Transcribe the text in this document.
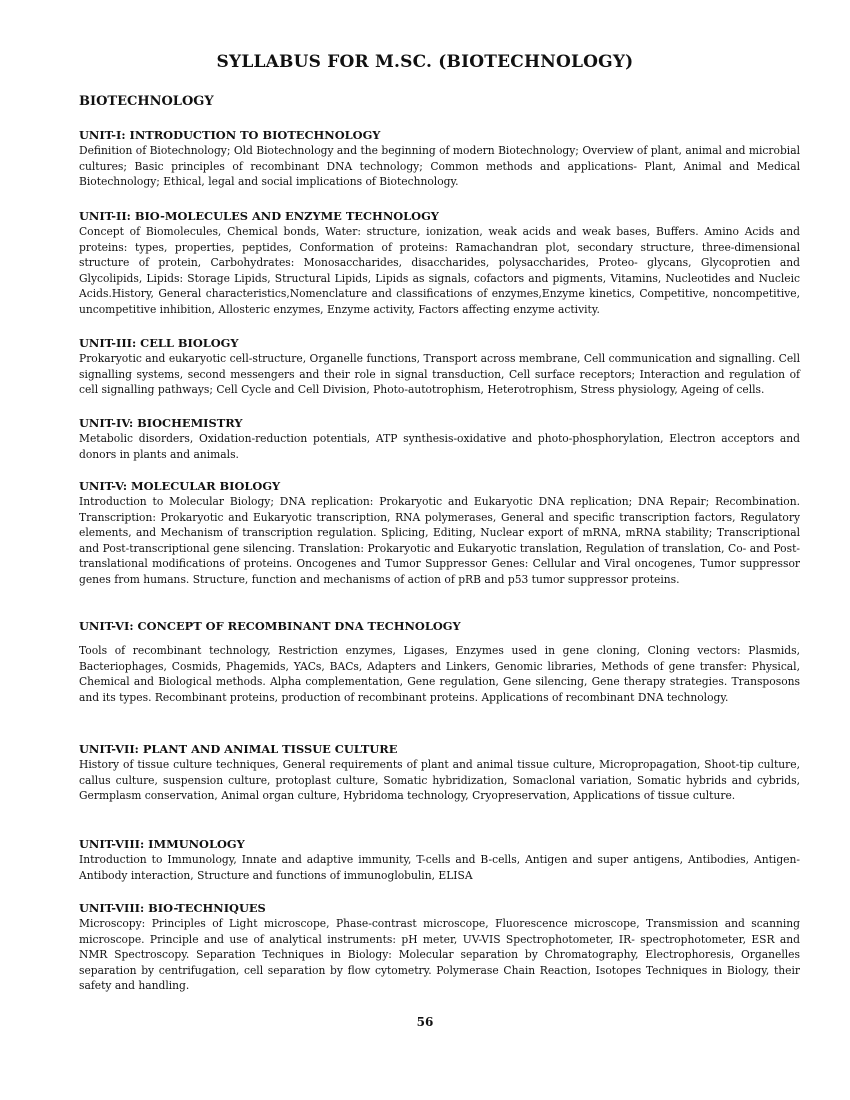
SYLLABUS FOR M.SC. (BIOTECHNOLOGY)
BIOTECHNOLOGY
UNIT-I: INTRODUCTION TO BIOTECHNOLOGY

Definition of Biotechnology; Old Biotechnology and the beginning of modern Biotechnology; Overview of plant, animal and microbial cultures; Basic principles of recombinant DNA technology; Common methods and applications- Plant, Animal and Medical Biotechnology; Ethical, legal and social implications of Biotechnology.

UNIT-II: BIO-MOLECULES AND ENZYME TECHNOLOGY

Concept of Biomolecules, Chemical bonds, Water: structure, ionization, weak acids and weak bases, Buffers. Amino Acids and proteins: types, properties, peptides, Conformation of proteins: Ramachandran plot, secondary structure, three-dimensional structure of protein, Carbohydrates: Monosaccharides, disaccharides, polysaccharides, Proteo- glycans, Glycoprotien and Glycolipids, Lipids: Storage Lipids, Structural Lipids, Lipids as signals, cofactors and pigments, Vitamins, Nucleotides and Nucleic Acids.History, General characteristics,Nomenclature and classifications of enzymes,Enzyme kinetics, Competitive, noncompetitive, uncompetitive inhibition, Allosteric enzymes, Enzyme activity, Factors affecting enzyme activity.

UNIT-III: CELL BIOLOGY

Prokaryotic and eukaryotic cell-structure, Organelle functions, Transport across membrane, Cell communication and signalling. Cell signalling systems, second messengers and their role in signal transduction, Cell surface receptors; Interaction and regulation of cell signalling pathways; Cell Cycle and Cell Division, Photo-autotrophism, Heterotrophism, Stress physiology, Ageing of cells.

UNIT-IV: BIOCHEMISTRY

Metabolic disorders, Oxidation-reduction potentials, ATP synthesis-oxidative and photo-phosphorylation, Electron acceptors and donors in plants and animals.

UNIT-V: MOLECULAR BIOLOGY

Introduction to Molecular Biology; DNA replication: Prokaryotic and Eukaryotic DNA replication; DNA Repair; Recombination. Transcription: Prokaryotic and Eukaryotic transcription, RNA polymerases, General and specific transcription factors, Regulatory elements, and Mechanism of transcription regulation. Splicing, Editing, Nuclear export of mRNA, mRNA stability; Transcriptional and Post-transcriptional gene silencing. Translation: Prokaryotic and Eukaryotic translation, Regulation of translation, Co- and Post- translational modifications of proteins. Oncogenes and Tumor Suppressor Genes: Cellular and Viral oncogenes, Tumor suppressor genes from humans. Structure, function and mechanisms of action of pRB and p53 tumor suppressor proteins.

UNIT-VI: CONCEPT OF RECOMBINANT DNA TECHNOLOGY

Tools of recombinant technology, Restriction enzymes, Ligases, Enzymes used in gene cloning, Cloning vectors: Plasmids, Bacteriophages, Cosmids, Phagemids, YACs, BACs, Adapters and Linkers, Genomic libraries, Methods of gene transfer: Physical, Chemical and Biological methods. Alpha complementation, Gene regulation, Gene silencing, Gene therapy strategies. Transposons and its types. Recombinant proteins, production of recombinant proteins. Applications of recombinant DNA technology.

UNIT-VII: PLANT AND ANIMAL TISSUE CULTURE

History of tissue culture techniques, General requirements of plant and animal tissue culture, Micropropagation, Shoot-tip culture, callus culture, suspension culture, protoplast culture, Somatic hybridization, Somaclonal variation, Somatic hybrids and cybrids, Germplasm conservation, Animal organ culture, Hybridoma technology, Cryopreservation, Applications of tissue culture.

UNIT-VIII: IMMUNOLOGY

Introduction to Immunology, Innate and adaptive immunity, T-cells and B-cells, Antigen and super antigens, Antibodies, Antigen-Antibody interaction, Structure and functions of immunoglobulin, ELISA

UNIT-VIII: BIO-TECHNIQUES

Microscopy: Principles of Light microscope, Phase-contrast microscope, Fluorescence microscope, Transmission and scanning microscope. Principle and use of analytical instruments: pH meter, UV-VIS Spectrophotometer, IR- spectrophotometer, ESR and NMR Spectroscopy. Separation Techniques in Biology: Molecular separation by Chromatography, Electrophoresis, Organelles separation by centrifugation, cell separation by flow cytometry. Polymerase Chain Reaction, Isotopes Techniques in Biology, their safety and handling.

56
